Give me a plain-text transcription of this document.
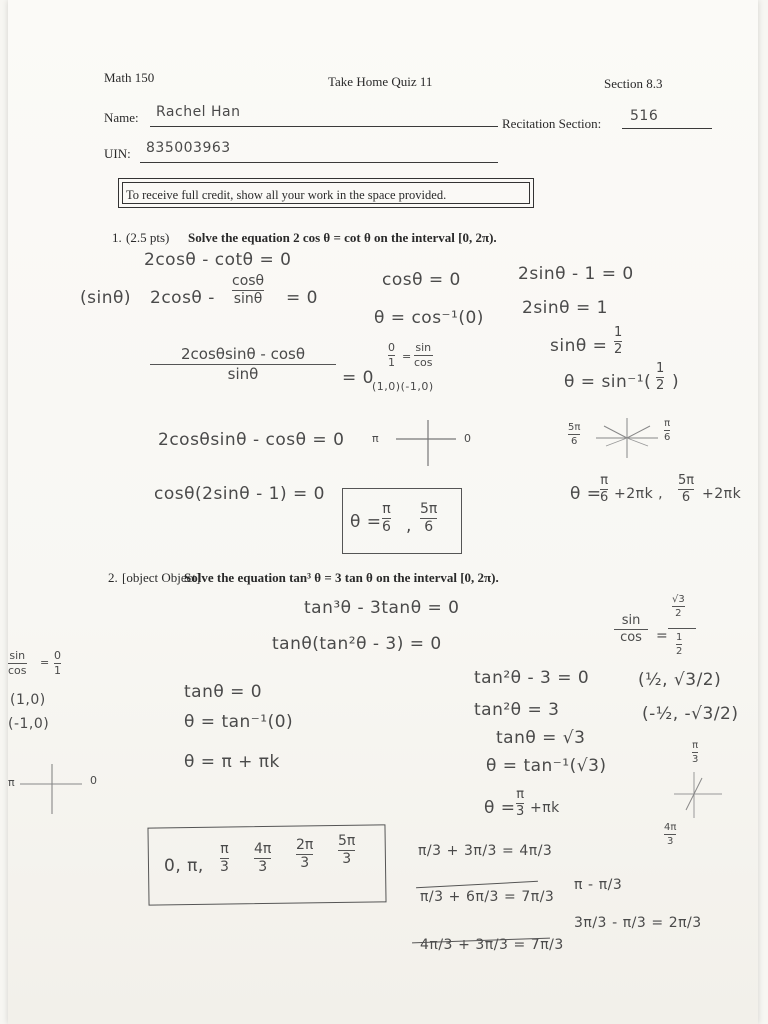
Math 150	Take Home Quiz 11	Section 8.3
Name: Rachel Han
Recitation Section: 516
UIN: 835003963
To receive full credit, show all your work in the space provided.
1. (2.5 pts) Solve the equation 2 cos θ = cot θ on the interval [0, 2π).
2cosθ - cotθ = 0
(sinθ) 2cosθ -
cosθ
sinθ = 0
2cosθsinθ - cosθ
sinθ	= 0
2cosθsinθ - cosθ = 0
cosθ(2sinθ - 1) = 0
θ =
π
6 ,
5π
6
cosθ = 0
θ = cos⁻¹(0)
0
1 =
sin
cos
(1,0)(-1,0)
π	0
2sinθ - 1 = 0
2sinθ = 1
sinθ =
1
2
θ = sin⁻¹(
1
2 )
5π
6
π
6
θ =
π
6 +2πk ,
5π
6 +2πk
2. [object Object]
Solve the equation tan³ θ = 3 tan θ on the interval [0, 2π).
tan³θ - 3tanθ = 0
tanθ(tan²θ - 3) = 0
sin
cos
=
0
1
(1,0)
(-1,0)
π	0
tanθ = 0
θ = tan⁻¹(0)
θ = π + πk
tan²θ - 3 = 0
tan²θ = 3
tanθ = √3
θ = tan⁻¹(√3)
θ =
π
3 +πk
sin
cos =
√3
2
1
2
(½, √3/2)
(-½, -√3/2)
π
3
4π
3
0, π,
π
3
4π
3
2π
3
5π
3
π/3 + 3π/3 = 4π/3
π/3 + 6π/3 = 7π/3
4π/3 + 3π/3 = 7π/3
π - π/3
3π/3 - π/3 = 2π/3
